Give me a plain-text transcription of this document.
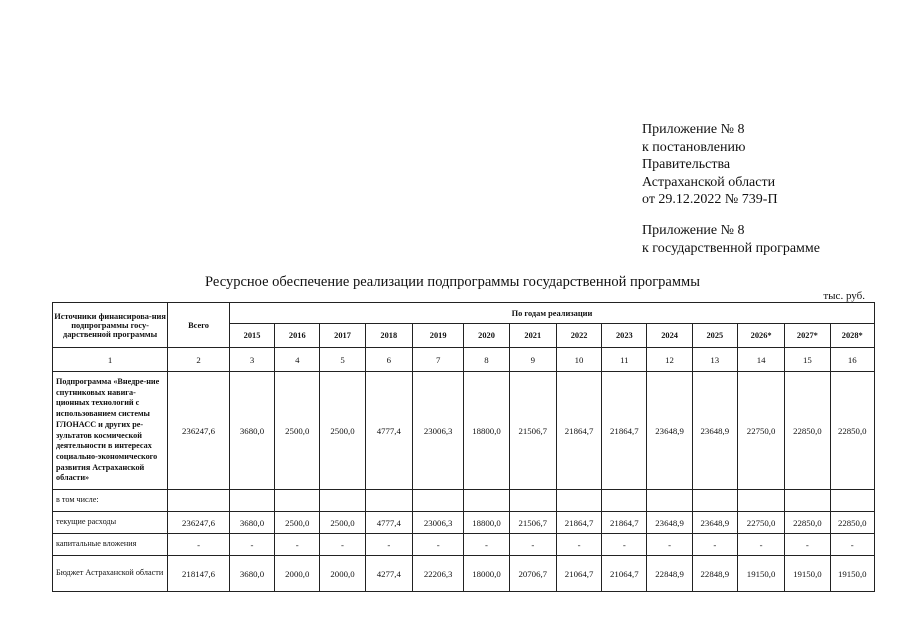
Приложение № 8
к постановлению
Правительства
Астраханской области
от 29.12.2022 № 739-П
Приложение № 8
к государственной программе
Ресурсное обеспечение реализации подпрограммы государственной программы
тыс. руб.
Источники финансирова-ния подпрограммы госу-дарственной программы	Всего	По годам реализации													
		2015	2016	2017	2018	2019	2020	2021	2022	2023	2024	2025	2026*	2027*	2028*
1	2	3	4	5	6	7	8	9	10	11	12	13	14	15	16
Подпрограмма «Внедре-ние спутниковых навига-ционных технологий с использованием системы ГЛОНАСС и других ре-зультатов космической деятельности в интересах социально-экономического развития Астраханской области»	236247,6	3680,0	2500,0	2500,0	4777,4	23006,3	18800,0	21506,7	21864,7	21864,7	23648,9	23648,9	22750,0	22850,0	22850,0
в том числе:															
текущие расходы	236247,6	3680,0	2500,0	2500,0	4777,4	23006,3	18800,0	21506,7	21864,7	21864,7	23648,9	23648,9	22750,0	22850,0	22850,0
капитальные вложения	-	-	-	-	-	-	-	-	-	-	-	-	-	-	-
Бюджет Астраханской области	218147,6	3680,0	2000,0	2000,0	4277,4	22206,3	18000,0	20706,7	21064,7	21064,7	22848,9	22848,9	19150,0	19150,0	19150,0
